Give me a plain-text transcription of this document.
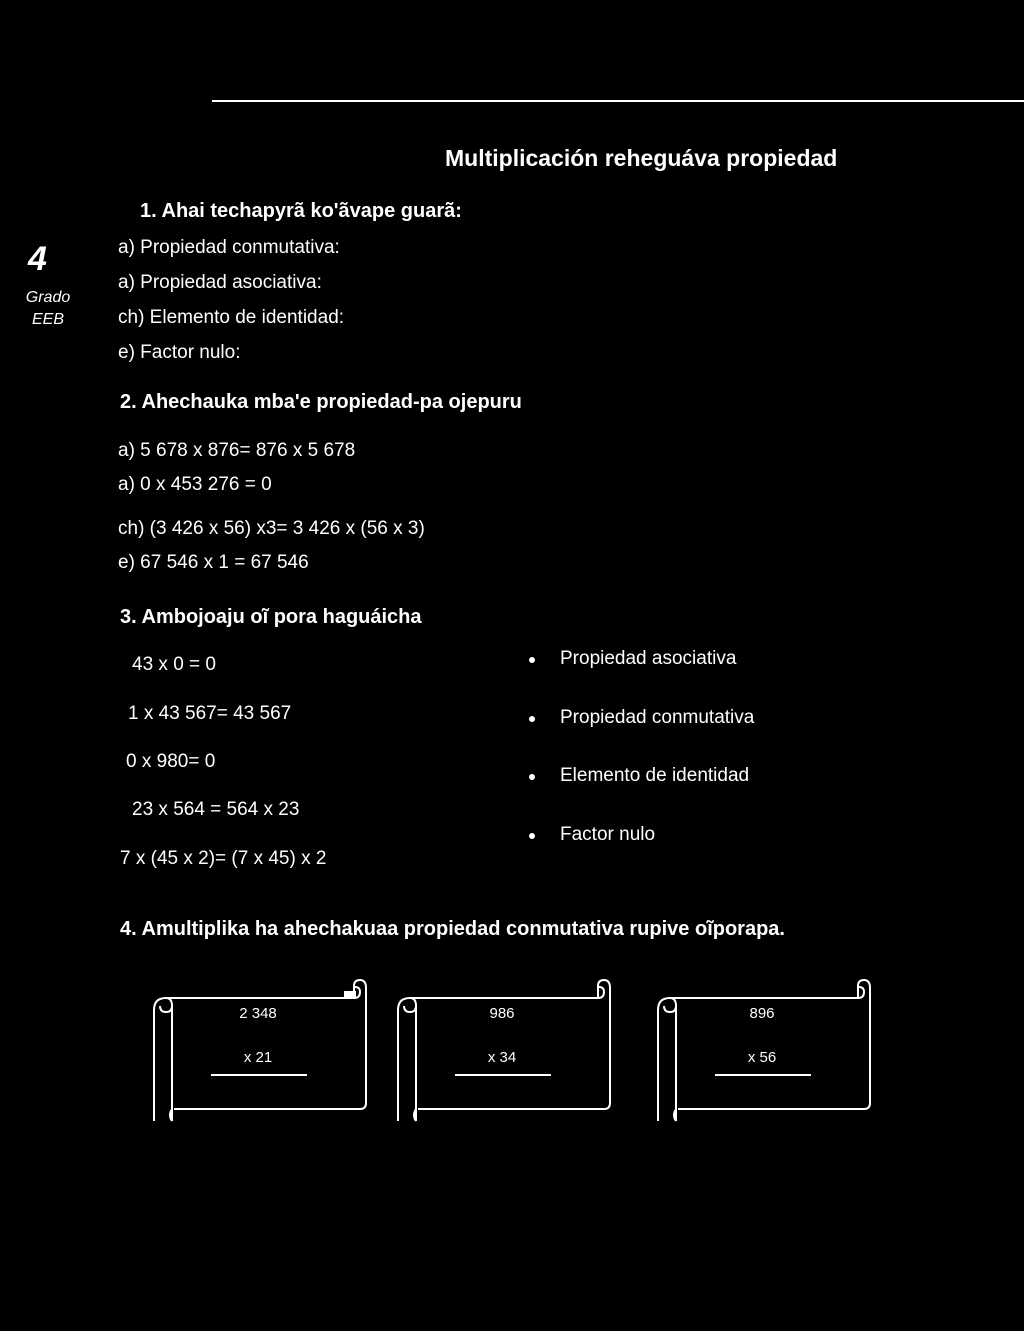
Multiplicación reheguáva propiedad
4
Grado
EEB
1. Ahai techapyrã ko'ãvape guarã:
a) Propiedad conmutativa:
a) Propiedad asociativa:
ch) Elemento de identidad:
e) Factor nulo:
2. Ahechauka mba'e propiedad-pa ojepuru
a) 5 678 x 876= 876 x 5 678
a) 0 x 453 276 = 0
ch) (3 426 x 56) x3= 3 426 x (56 x 3)
e) 67 546 x 1 = 67 546
3. Ambojoaju oĩ pora haguáicha
43 x 0 = 0
1 x 43 567= 43 567
0 x 980= 0
23 x 564 = 564 x 23
7 x (45 x 2)= (7 x 45) x 2
Propiedad asociativa
Propiedad conmutativa
Elemento de identidad
Factor nulo
4. Amultiplika ha ahechakuaa propiedad conmutativa rupive oĩporapa.
2 348
x 21
986
x 34
896
x 56
